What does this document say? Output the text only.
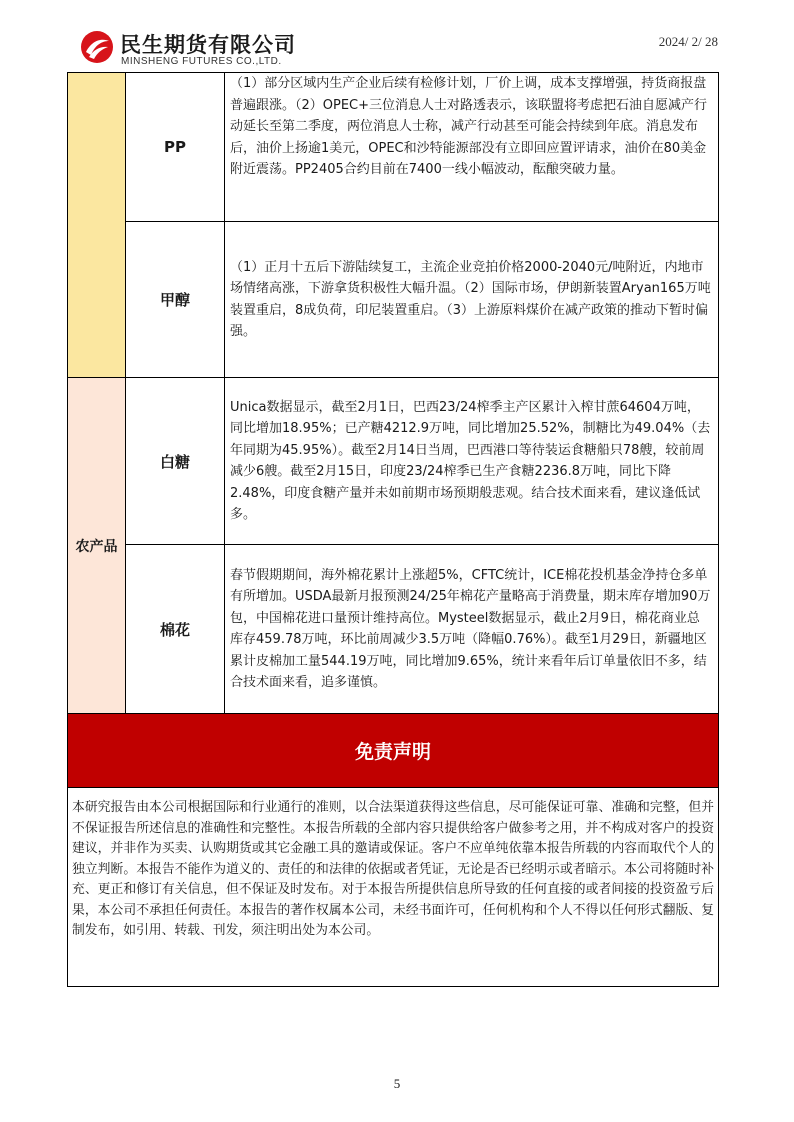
民生期货有限公司
MINSHENG FUTURES CO.,LTD.
2024/ 2/ 28
农产品
PP

（1）部分区域内生产企业后续有检修计划，厂价上调，成本支撑增强，持货商报盘普遍跟涨。（2）OPEC+三位消息人士对路透表示，该联盟将考虑把石油自愿减产行动延长至第二季度，两位消息人士称，减产行动甚至可能会持续到年底。消息发布后，油价上扬逾1美元，OPEC和沙特能源部没有立即回应置评请求，油价在80美金附近震荡。PP2405合约目前在7400一线小幅波动，酝酿突破力量。

甲醇

（1）正月十五后下游陆续复工，主流企业竞拍价格2000-2040元/吨附近，内地市场情绪高涨，下游拿货积极性大幅升温。（2）国际市场，伊朗新装置Aryan165万吨装置重启，8成负荷，印尼装置重启。（3）上游原料煤价在减产政策的推动下暂时偏强。

白糖

Unica数据显示，截至2月1日，巴西23/24榨季主产区累计入榨甘蔗64604万吨，同比增加18.95%；已产糖4212.9万吨，同比增加25.52%，制糖比为49.04%（去年同期为45.95%）。截至2月14日当周，巴西港口等待装运食糖船只78艘，较前周减少6艘。截至2月15日，印度23/24榨季已生产食糖2236.8万吨，同比下降2.48%，印度食糖产量并未如前期市场预期般悲观。结合技术面来看，建议逢低试多。

棉花

春节假期期间，海外棉花累计上涨超5%，CFTC统计，ICE棉花投机基金净持仓多单有所增加。USDA最新月报预测24/25年棉花产量略高于消费量，期末库存增加90万包，中国棉花进口量预计维持高位。Mysteel数据显示，截止2月9日，棉花商业总库存459.78万吨，环比前周减少3.5万吨（降幅0.76%）。截至1月29日，新疆地区累计皮棉加工量544.19万吨，同比增加9.65%，统计来看年后订单量依旧不多，结合技术面来看，追多谨慎。

免责声明

本研究报告由本公司根据国际和行业通行的准则，以合法渠道获得这些信息，尽可能保证可靠、准确和完整，但并不保证报告所述信息的准确性和完整性。本报告所载的全部内容只提供给客户做参考之用，并不构成对客户的投资建议，并非作为买卖、认购期货或其它金融工具的邀请或保证。客户不应单纯依靠本报告所载的内容而取代个人的独立判断。本报告不能作为道义的、责任的和法律的依据或者凭证，无论是否已经明示或者暗示。本公司将随时补充、更正和修订有关信息，但不保证及时发布。对于本报告所提供信息所导致的任何直接的或者间接的投资盈亏后果，本公司不承担任何责任。本报告的著作权属本公司，未经书面许可，任何机构和个人不得以任何形式翻版、复制发布，如引用、转载、刊发，须注明出处为本公司。

5
